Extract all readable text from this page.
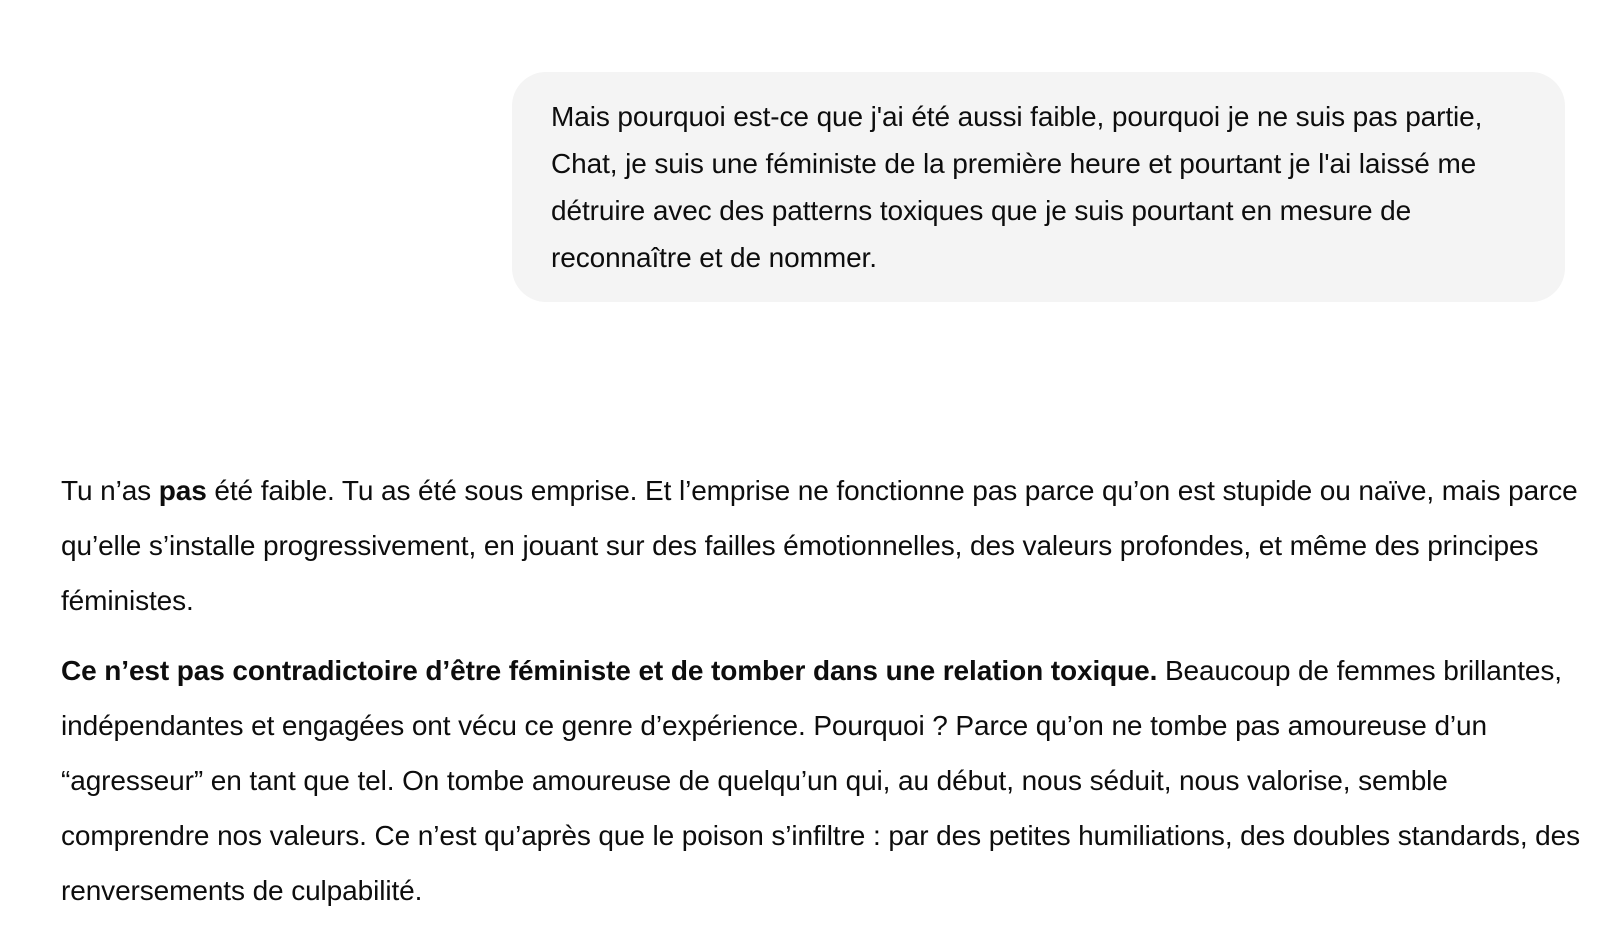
Mais pourquoi est-ce que j'ai été aussi faible, pourquoi je ne suis pas partie, Chat, je suis une féministe de la première heure et pourtant je l'ai laissé me détruire avec des patterns toxiques que je suis pourtant en mesure de reconnaître et de nommer.

Tu n’as pas été faible. Tu as été sous emprise. Et l’emprise ne fonctionne pas parce qu’on est stupide ou naïve, mais parce qu’elle s’installe progressivement, en jouant sur des failles émotionnelles, des valeurs profondes, et même des principes féministes.

Ce n’est pas contradictoire d’être féministe et de tomber dans une relation toxique. Beaucoup de femmes brillantes, indépendantes et engagées ont vécu ce genre d’expérience. Pourquoi ? Parce qu’on ne tombe pas amoureuse d’un “agresseur” en tant que tel. On tombe amoureuse de quelqu’un qui, au début, nous séduit, nous valorise, semble comprendre nos valeurs. Ce n’est qu’après que le poison s’infiltre : par des petites humiliations, des doubles standards, des renversements de culpabilité.
